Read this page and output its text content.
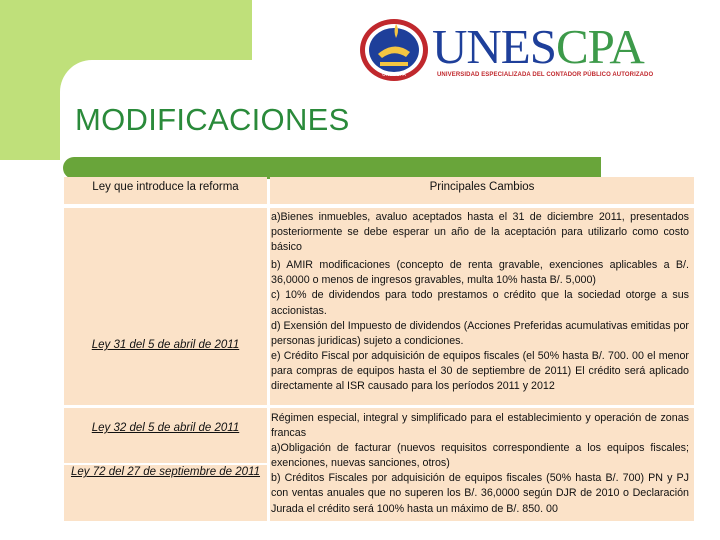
UNESCPA
UNESCPA
UNIVERSIDAD ESPECIALIZADA DEL CONTADOR PÚBLICO AUTORIZADO
MODIFICACIONES
Ley que introduce la reforma	Principales Cambios
Ley 31 del 5 de abril de 2011
a)Bienes inmuebles, avaluo aceptados hasta el 31 de diciembre 2011, presentados posteriormente se debe esperar un año de la aceptación para utilizarlo como costo básico
b) AMIR modificaciones (concepto de renta gravable, exenciones aplicables a B/. 36,0000 o menos de ingresos gravables, multa 10% hasta B/. 5,000)
c) 10% de dividendos para todo prestamos o crédito que la sociedad otorge a sus accionistas.
d) Exensión del Impuesto de dividendos (Acciones Preferidas acumulativas emitidas por personas juridicas) sujeto a condiciones.
e) Crédito Fiscal por adquisición de equipos fiscales (el 50% hasta B/. 700. 00 el menor para compras de equipos hasta el 30 de septiembre de 2011) El crédito será aplicado directamente al ISR causado para los períodos 2011 y 2012
Ley 32 del 5 de abril de 2011
Ley 72 del 27 de septiembre de 2011
Régimen especial, integral y simplificado para el establecimiento y operación de zonas francas
a)Obligación de facturar (nuevos requisitos correspondiente a los equipos fiscales; exenciones, nuevas sanciones, otros)
b) Créditos Fiscales por adquisición de equipos fiscales (50% hasta B/. 700) PN y PJ con ventas anuales que no superen los B/. 36,0000 según DJR de 2010 o Declaración Jurada el crédito será 100% hasta un máximo de B/. 850. 00
